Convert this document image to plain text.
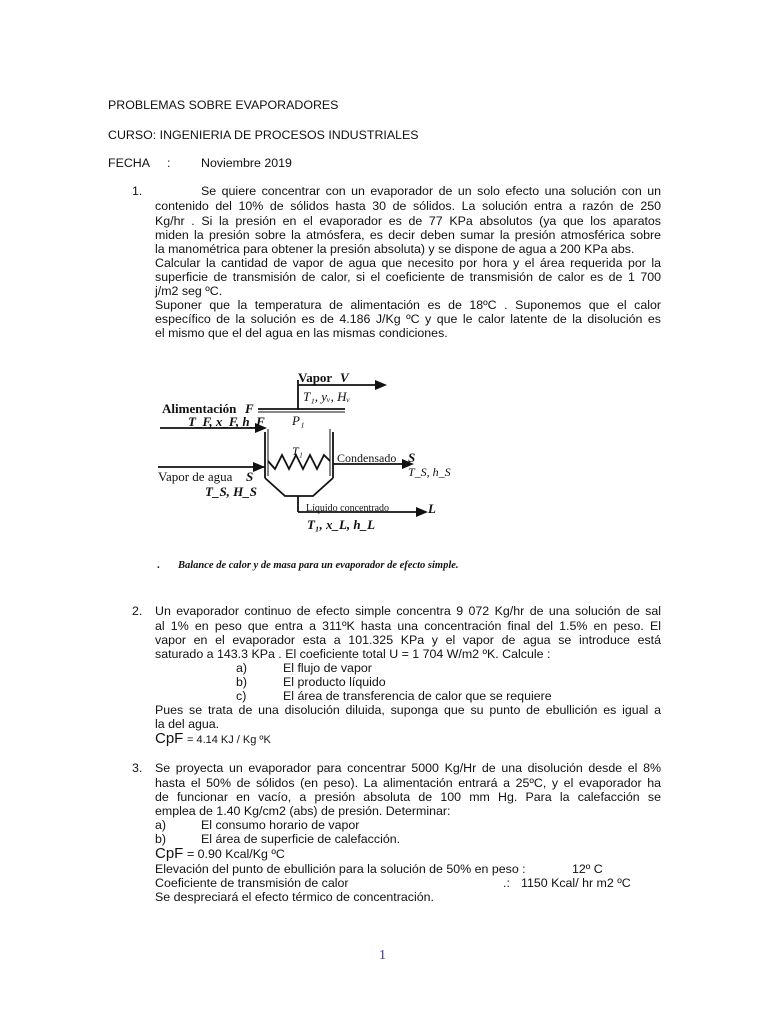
PROBLEMAS SOBRE EVAPORADORES
CURSO: INGENIERIA DE PROCESOS INDUSTRIALES
FECHA : Noviembre 2019
1.	Se quiere concentrar con un evaporador de un solo efecto una solución con un
contenido del 10% de sólidos hasta 30 de sólidos. La solución entra a razón de 250
Kg/hr . Si la presión en el evaporador es de 77 KPa absolutos (ya que los aparatos
miden la presión sobre la atmósfera, es decir deben sumar la presión atmosférica sobre
la manométrica para obtener la presión absoluta) y se dispone de agua a 200 KPa abs.
Calcular la cantidad de vapor de agua que necesito por hora y el área requerida por la
superficie de transmisión de calor, si el coeficiente de transmisión de calor es de 1 700
j/m2 seg ºC.
Suponer que la temperatura de alimentación es de 18ºC . Suponemos que el calor
específico de la solución es de 4.186 J/Kg ºC y que le calor latente de la disolución es
el mismo que el del agua en las mismas condiciones.
Vapor V
T₁, yᵥ, Hᵥ
Alimentación F
T_F, x_F, h_F P₁
T₁	Condensado S
T_S, h_S
Vapor de agua S
T_S, H_S
Líquido concentrado	L
T₁, x_L, h_L
. Balance de calor y de masa para un evaporador de efecto simple.
2. Un evaporador continuo de efecto simple concentra 9 072 Kg/hr de una solución de sal
al 1% en peso que entra a 311ºK hasta una concentración final del 1.5% en peso. El
vapor en el evaporador esta a 101.325 KPa y el vapor de agua se introduce está
saturado a 143.3 KPa . El coeficiente total U = 1 704 W/m2 ºK. Calcule :
a)	El flujo de vapor
b)	El producto líquido
c)	El área de transferencia de calor que se requiere
Pues se trata de una disolución diluida, suponga que su punto de ebullición es igual a
la del agua.
CpF = 4.14 KJ / Kg ºK
3. Se proyecta un evaporador para concentrar 5000 Kg/Hr de una disolución desde el 8%
hasta el 50% de sólidos (en peso). La alimentación entrará a 25ºC, y el evaporador ha
de funcionar en vacío, a presión absoluta de 100 mm Hg. Para la calefacción se
emplea de 1.40 Kg/cm2 (abs) de presión. Determinar:
a)	El consumo horario de vapor
b)	El área de superficie de calefacción.
CpF = 0.90 Kcal/Kg ºC
Elevación del punto de ebullición para la solución de 50% en peso :	12º C
Coeficiente de transmisión de calor	.: 1150 Kcal/ hr m2 ºC
Se despreciará el efecto térmico de concentración.
1
